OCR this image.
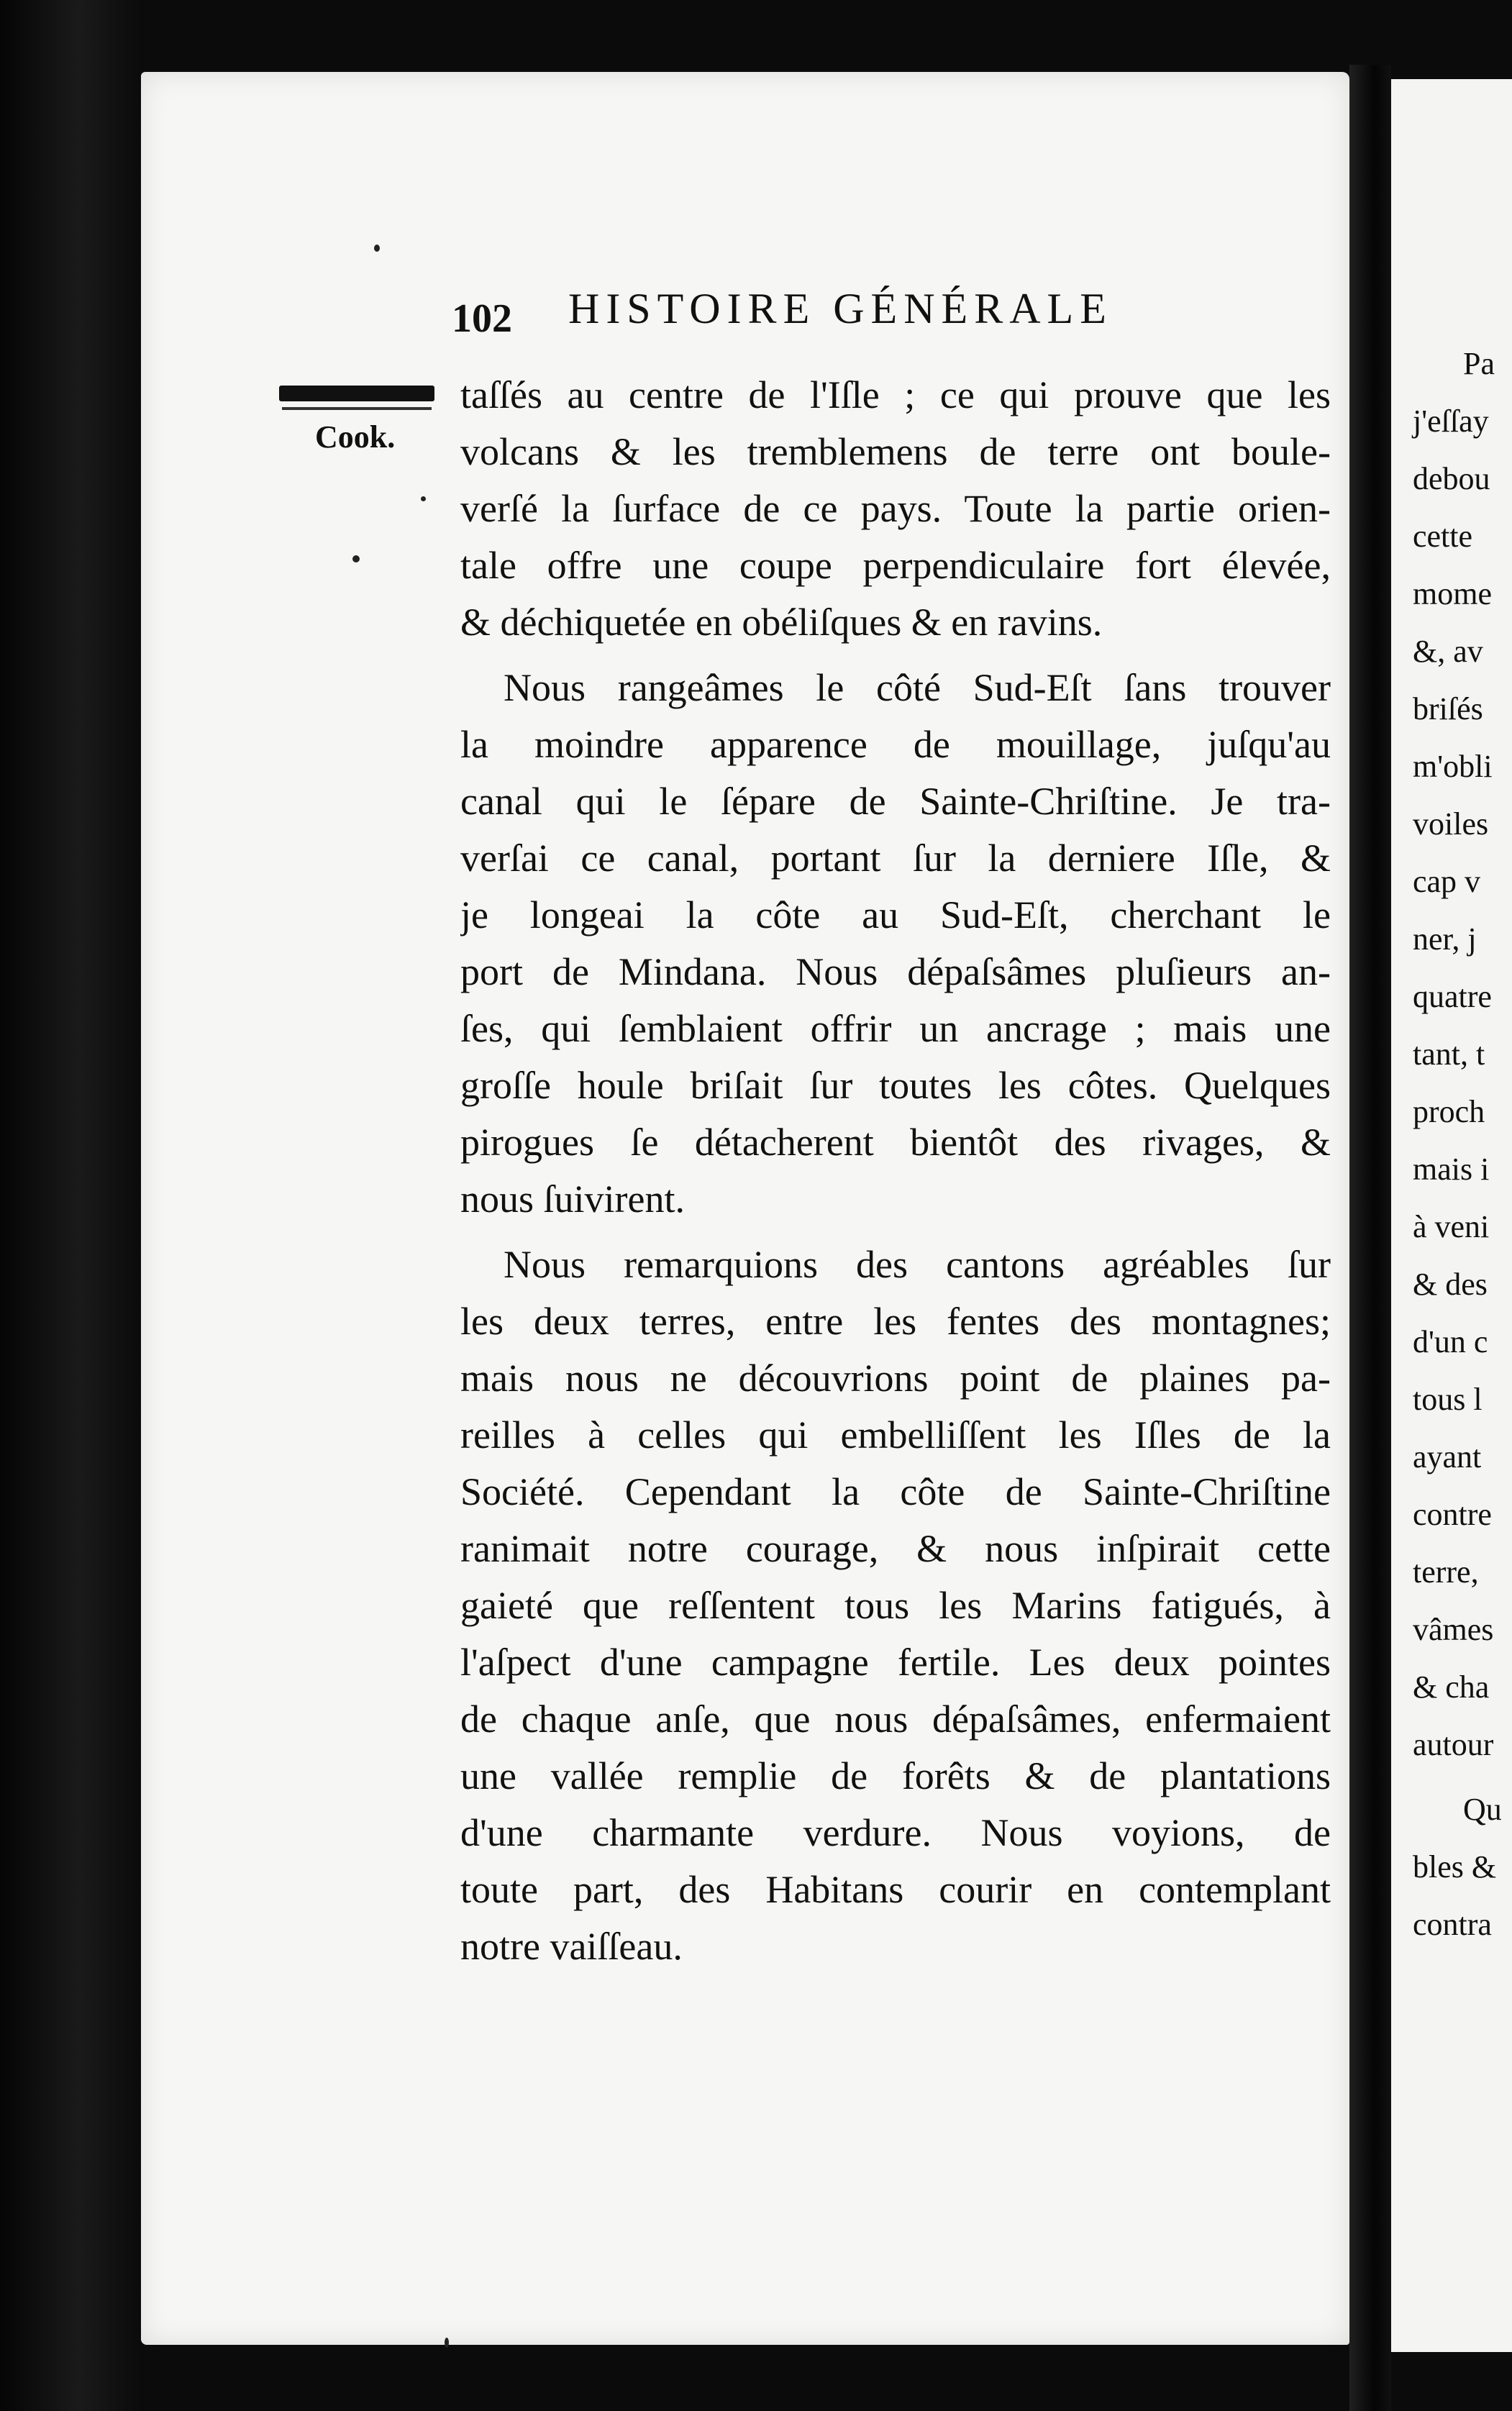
102 HISTOIRE GÉNÉRALE
Cook.
taſſés au centre de l'Iſle ; ce qui prouve que les
volcans & les tremblemens de terre ont boule-
verſé la ſurface de ce pays. Toute la partie orien-
tale offre une coupe perpendiculaire fort élevée,
& déchiquetée en obéliſques & en ravins.
Nous rangeâmes le côté Sud-Eſt ſans trouver
la moindre apparence de mouillage, juſqu'au
canal qui le ſépare de Sainte-Chriſtine. Je tra-
verſai ce canal, portant ſur la derniere Iſle, &
je longeai la côte au Sud-Eſt, cherchant le
port de Mindana. Nous dépaſsâmes pluſieurs an-
ſes, qui ſemblaient offrir un ancrage ; mais une
groſſe houle briſait ſur toutes les côtes. Quelques
pirogues ſe détacherent bientôt des rivages, &
nous ſuivirent.
Nous remarquions des cantons agréables ſur
les deux terres, entre les fentes des montagnes;
mais nous ne découvrions point de plaines pa-
reilles à celles qui embelliſſent les Iſles de la
Société. Cependant la côte de Sainte-Chriſtine
ranimait notre courage, & nous inſpirait cette
gaieté que reſſentent tous les Marins fatigués, à
l'aſpect d'une campagne fertile. Les deux pointes
de chaque anſe, que nous dépaſsâmes, enfermaient
une vallée remplie de forêts & de plantations
d'une charmante verdure. Nous voyions, de
toute part, des Habitans courir en contemplant
notre vaiſſeau.
Pa
j'eſſay
debou
cette
mome
&, av
briſés
m'obli
voiles
cap v
ner, j
quatre
tant, t
proch
mais i
à veni
& des
d'un c
tous l
ayant
contre
terre,
vâmes
& cha
autour
Qu
bles &
contra
